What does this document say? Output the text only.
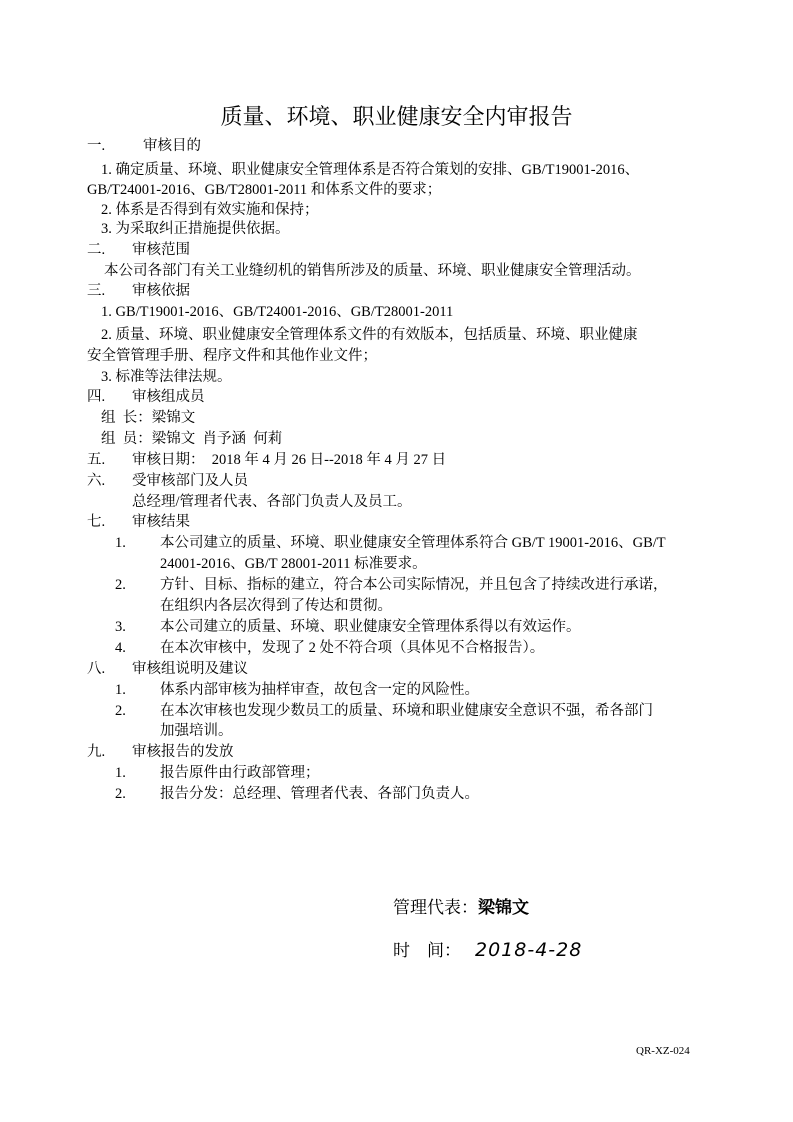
质量、环境、职业健康安全内审报告
一.	审核目的
1. 确定质量、环境、职业健康安全管理体系是否符合策划的安排、GB/T19001-2016、
GB/T24001-2016、GB/T28001-2011 和体系文件的要求；
2. 体系是否得到有效实施和保持；
3. 为采取纠正措施提供依据。
二. 审核范围
本公司各部门有关工业缝纫机的销售所涉及的质量、环境、职业健康安全管理活动。
三. 审核依据
1. GB/T19001-2016、GB/T24001-2016、GB/T28001-2011
2. 质量、环境、职业健康安全管理体系文件的有效版本，包括质量、环境、职业健康
安全管管理手册、程序文件和其他作业文件；
3. 标准等法律法规。
四. 审核组成员
组  长：梁锦文
组  员：梁锦文  肖予涵  何莉
五. 审核日期：  2018 年 4 月 26 日--2018 年 4 月 27 日
六. 受审核部门及人员
总经理/管理者代表、各部门负责人及员工。
七. 审核结果
1. 本公司建立的质量、环境、职业健康安全管理体系符合 GB/T 19001-2016、GB/T
24001-2016、GB/T 28001-2011 标准要求。
2. 方针、目标、指标的建立，符合本公司实际情况，并且包含了持续改进行承诺，
在组织内各层次得到了传达和贯彻。
3. 本公司建立的质量、环境、职业健康安全管理体系得以有效运作。
4. 在本次审核中，发现了 2 处不符合项（具体见不合格报告）。
八. 审核组说明及建议
1. 体系内部审核为抽样审查，故包含一定的风险性。
2. 在本次审核也发现少数员工的质量、环境和职业健康安全意识不强，希各部门
加强培训。
九. 审核报告的发放
1. 报告原件由行政部管理；
2. 报告分发：总经理、管理者代表、各部门负责人。
管理代表：梁锦文
时    间： 2018-4-28
QR-XZ-024
